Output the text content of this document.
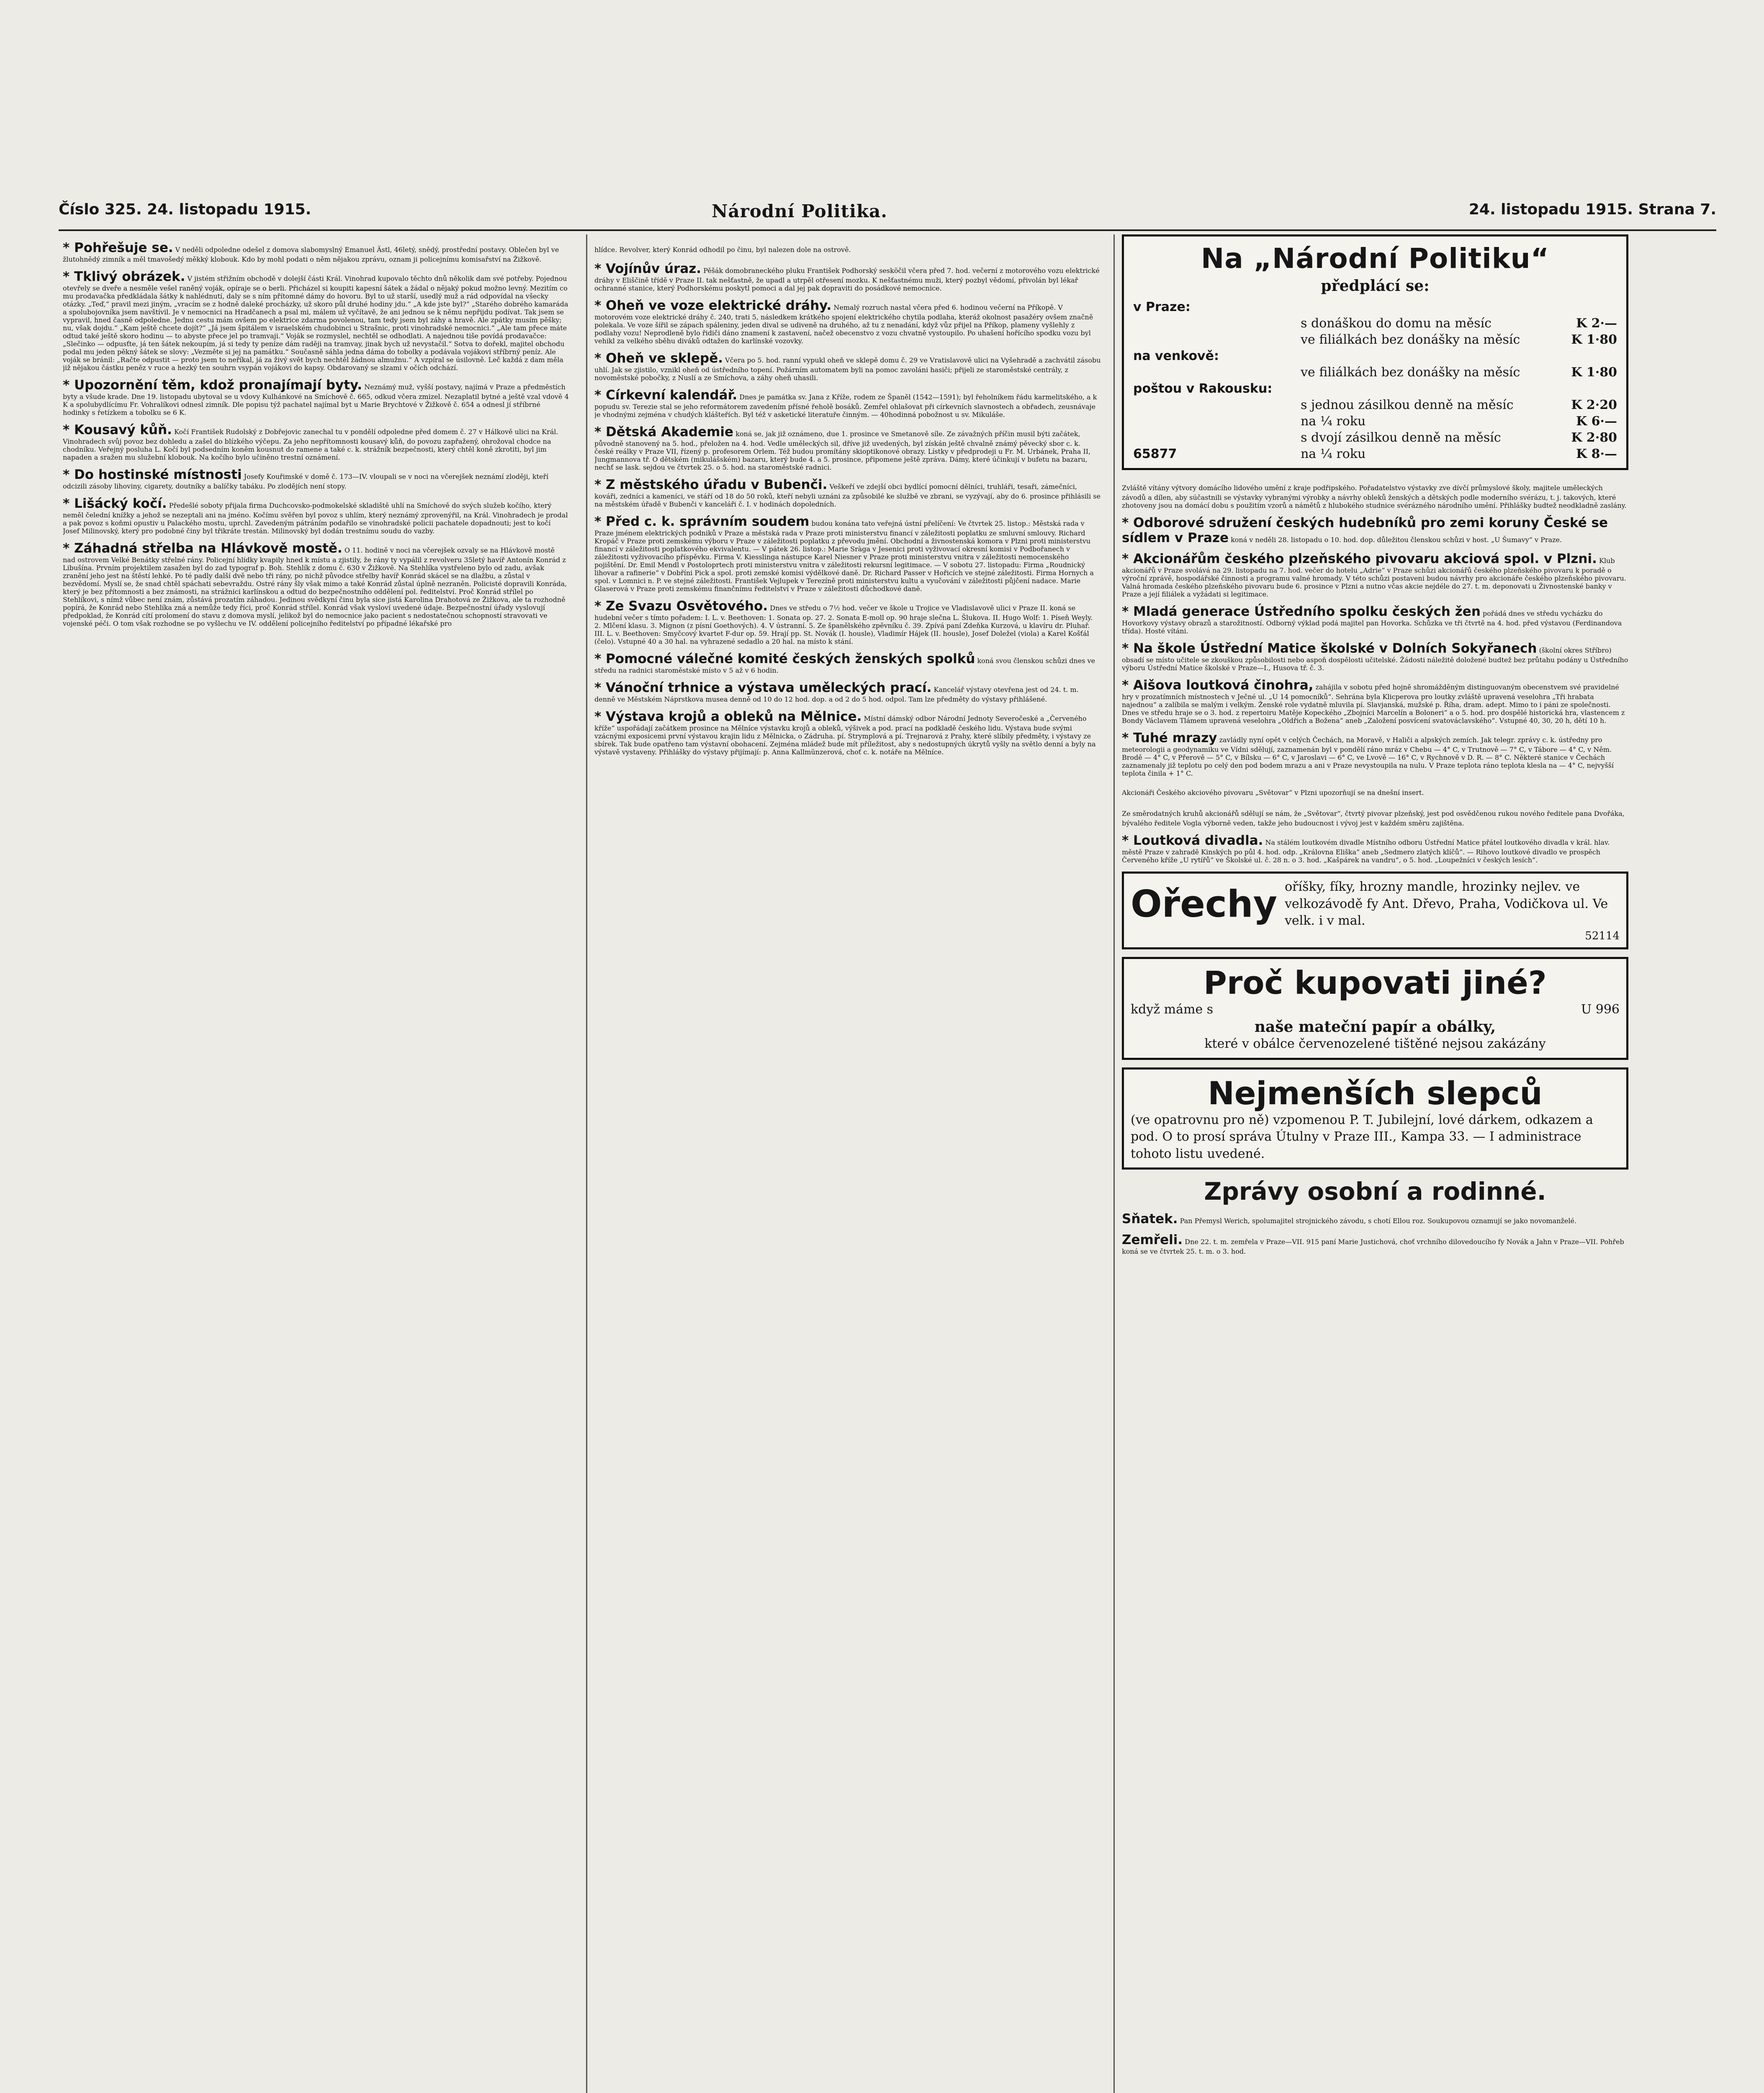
Číslo 325. 24. listopadu 1915.	Národní Politika.	24. listopadu 1915. Strana 7.

* Pohřešuje se. V neděli odpoledne odešel z domova slabomyslný Emanuel Ästl, 46letý, snědý, prostřední postavy. Oblečen byl ve žlutohnědý zimník a měl tmavošedý měkký klobouk. Kdo by mohl podati o něm nějakou zprávu, oznam ji policejnímu komisařství na Žižkově.

* Tklivý obrázek. V jistém střižním obchodě v dolejší části Král. Vinohrad kupovalo těchto dnů několik dam své potřeby. Pojednou otevřely se dveře a nesměle vešel raněný voják, opíraje se o berli. Přicházel si koupiti kapesní šátek a žádal o nějaký pokud možno levný. Mezitím co mu prodavačka předkládala šátky k nahlédnutí, daly se s ním přítomné dámy do hovoru. Byl to už starší, usedlý muž a rád odpovídal na všecky otázky. „Teď,“ pravil mezi jiným, „vracím se z hodně daleké procházky, už skoro půl druhé hodiny jdu.“ „A kde jste byl?“ „Starého dobrého kamaráda a spolubojovníka jsem navštívil. Je v nemocnici na Hradčanech a psal mi, málem už vyčítavě, že ani jednou se k němu nepřijdu podívat. Tak jsem se vypravil, hned časně odpoledne. Jednu cestu mám ovšem po elektrice zdarma povolenou, tam tedy jsem byl záhy a hravě. Ale zpátky musím pěšky; nu, však dojdu.“ „Kam ještě chcete dojít?“ „Já jsem špitálem v israelském chudobinci u Strašnic, proti vinohradské nemocnici.“ „Ale tam přece máte odtud také ještě skoro hodinu — to abyste přece jel po tramvaji.“ Voják se rozmyslel, nechtěl se odhodlati. A najednou tiše povídá prodavačce: „Slečinko — odpusťte, já ten šátek nekoupím, já si tedy ty peníze dám raději na tramvay, jinak bych už nevystačil.“ Sotva to dořekl, majitel obchodu podal mu jeden pěkný šátek se slovy: „Vezměte si jej na památku.“ Současně sáhla jedna dáma do tobolky a podávala vojákovi stříbrný peníz. Ale voják se bránil: „Račte odpustit — proto jsem to neříkal, já za živý svět bych nechtěl žádnou almužnu.“ A vzpíral se úsilovně. Leč každá z dam měla již nějakou částku peněz v ruce a hezký ten souhrn vsypán vojákovi do kapsy. Obdarovaný se slzami v očích odchází.

* Upozornění těm, kdož pronajímají byty. Neznámý muž, vyšší postavy, najímá v Praze a předměstích byty a všude krade. Dne 19. listopadu ubytoval se u vdovy Kulhánkové na Smíchově č. 665, odkud včera zmizel. Nezaplatil bytné a ještě vzal vdově 4 K a spolubydlícímu Fr. Vohralíkovi odnesl zimník. Dle popisu týž pachatel najímal byt u Marie Brychtové v Žižkově č. 654 a odnesl jí stříbrné hodinky s řetízkem a tobolku se 6 K.

* Kousavý kůň. Kočí František Rudolský z Dobřejovic zanechal tu v pondělí odpoledne před domem č. 27 v Hálkově ulici na Král. Vinohradech svůj povoz bez dohledu a zašel do blízkého výčepu. Za jeho nepřítomnosti kousavý kůň, do povozu zapřažený, ohrožoval chodce na chodníku. Veřejný posluha L. Kočí byl podsedním koněm kousnut do ramene a také c. k. strážník bezpečnosti, který chtěl koně zkrotiti, byl jim napaden a sražen mu služební klobouk. Na kočího bylo učiněno trestní oznámení.

* Do hostinské místnosti Josefy Kouřimské v domě č. 173—IV. vloupali se v noci na včerejšek neznámí zloději, kteří odcizili zásoby lihoviny, cigarety, doutníky a balíčky tabáku. Po zlodějích není stopy.

* Lišácký kočí. Předešlé soboty přijala firma Duchcovsko-podmokelské skladiště uhlí na Smíchově do svých služeb kočího, který neměl čelední knížky a jehož se nezeptali ani na jméno. Kočímu svěřen byl povoz s uhlím, který neznámý zprovenýřil, na Král. Vinohradech je prodal a pak povoz s koňmi opustiv u Palackého mostu, uprchl. Zavedeným pátráním podařilo se vinohradské policii pachatele dopadnouti; jest to kočí Josef Milinovský, který pro podobné činy byl třikráte trestán. Milinovský byl dodán trestnímu soudu do vazby.

* Záhadná střelba na Hlávkově mostě. O 11. hodině v noci na včerejšek ozvaly se na Hlávkově mostě nad ostrovem Velké Benátky střelné rány. Policejní hlídky kvapily hned k místu a zjistily, že rány ty vypálil z revolveru 35letý havíř Antonín Konrád z Libušína. Prvním projektilem zasažen byl do zad typograf p. Boh. Stehlík z domu č. 630 v Žižkově. Na Stehlíka vystřeleno bylo od zadu, avšak zranění jeho jest na štěstí lehké. Po té padly další dvě nebo tři rány, po nichž původce střelby havíř Konrád skácel se na dlažbu, a zůstal v bezvědomí. Myslí se, že snad chtěl spáchati sebevraždu. Ostré rány šly však mimo a také Konrád zůstal úplně nezraněn. Policisté dopravili Konráda, který je bez přítomnosti a bez známosti, na strážnici karlínskou a odtud do bezpečnostního oddělení pol. ředitelství. Proč Konrád střílel po Stehlíkovi, s nímž vůbec není znám, zůstává prozatím záhadou. Jedinou svědkyní činu byla sice jistá Karolina Drahotová ze Žižkova, ale ta rozhodně popírá, že Konrád nebo Stehlíka zná a nemůže tedy říci, proč Konrád střílel. Konrád však vysloví uvedené údaje. Bezpečnostní úřady vyslovují předpoklad, že Konrád cítí prolomení do stavu z domova myslí, jelikož byl do nemocnice jako pacient s nedostatečnou schopností stravovati ve vojenské péči. O tom však rozhodne se po vyšlechu ve IV. oddělení policejního ředitelství po případné lékařské pro

hlídce. Revolver, který Konrád odhodil po činu, byl nalezen dole na ostrově.

* Vojínův úraz. Pěšák domobraneckého pluku František Podhorský sesköčil včera před 7. hod. večerní z motorového vozu elektrické dráhy v Eliščině třídě v Praze II. tak nešťastně, že upadl a utrpěl otřesení mozku. K nešťastnému muži, který pozbyl vědomí, přivolán byl lékař ochranné stanice, který Podhorskému poskytl pomoci a dal jej pak dopraviti do posádkové nemocnice.

* Oheň ve voze elektrické dráhy. Nemalý rozruch nastal včera před 6. hodinou večerní na Příkopě. V motorovém voze elektrické dráhy č. 240, trati 5, následkem krátkého spojení elektrického chytila podlaha, kteráž okolnost pasažéry ovšem značně polekala. Ve voze šířil se zápach spáleniny, jeden dival se udiveně na druhého, až tu z nenadání, když vůz přijel na Příkop, plameny vyšlehly z podlahy vozu! Neprodleně bylo řidiči dáno znamení k zastavení, načež obecenstvo z vozu chvatně vystoupilo. Po uhašení hořícího spodku vozu byl vehikl za velkého sběhu diváků odtažen do karlínské vozovky.

* Oheň ve sklepě. Včera po 5. hod. ranní vypukl oheň ve sklepě domu č. 29 ve Vratislavově ulici na Vyšehradě a zachvátil zásobu uhlí. Jak se zjistilo, vznikl oheň od ústředního topení. Požárním automatem byli na pomoc zavoláni hasiči; přijeli ze staroměstské centrály, z novoměstské pobočky, z Nuslí a ze Smíchova, a záhy oheň uhasili.

* Církevní kalendář. Dnes je památka sv. Jana z Kříže, rodem ze Španěl (1542—1591); byl řeholníkem řádu karmelitského, a k popudu sv. Terezie stal se jeho reformátorem zavedením přísné řeholě bosáků. Zemřel ohlašovat při církevních slavnostech a obřadech, zeusnávaje je vhodnými zejména v chudých klášteřích. Byl též v asketické literatuře činným. — 40hodinná pobožnost u sv. Mikuláše.

* Dětská Akademie koná se, jak již oznámeno, due 1. prosince ve Smetanově síle. Ze závažných příčin musil býti začátek, původně stanovený na 5. hod., přeložen na 4. hod. Vedle uměleckých sil, dříve již uvedených, byl získán ještě chvalně známý pěvecký sbor c. k. české reálky v Praze VII, řízený p. profesorem Orlem. Též budou promítány skioptikonové obrazy. Lístky v předprodeji u Fr. M. Urbánek, Praha II, Jungmannova tř. O dětském (mikulášském) bazaru, který bude 4. a 5. prosince, připomene ještě zpráva. Dámy, které účinkují v bufetu na bazaru, nechť se lask. sejdou ve čtvrtek 25. o 5. hod. na staroměstské radnici.

* Z městského úřadu v Bubenči. Veškeří ve zdejší obci bydlící pomocní dělníci, truhláři, tesaři, zámečníci, kováři, zedníci a kameníci, ve stáří od 18 do 50 roků, kteří nebyli uznáni za způsobilé ke službě ve zbrani, se vyzývají, aby do 6. prosince přihlásili se na městském úřadě v Bubenči v kanceláři č. I. v hodinách dopoledních.

* Před c. k. správním soudem budou konána tato veřejná ústní přelíčení: Ve čtvrtek 25. listop.: Městská rada v Praze jménem elektrických podniků v Praze a městská rada v Praze proti ministerstvu financí v záležitosti poplatku ze smluvní smlouvy. Richard Kropáč v Praze proti zemskému výboru v Praze v záležitosti poplatku z převodu jmění. Obchodní a živnostenská komora v Plzni proti ministerstvu financí v záležitosti poplatkového ekvivalentu. — V pátek 26. listop.: Marie Sràga v Jesenici proti vyživovací okresní komisi v Podbořanech v záležitosti vyživovacího příspěvku. Firma V. Kiesslinga nástupce Karel Niesner v Praze proti ministerstvu vnitra v záležitosti nemocenského pojištění. Dr. Emil Mendl v Postoloprtech proti ministerstvu vnitra v záležitosti rekursní legitimace. — V sobotu 27. listopadu: Firma „Roudnický lihovar a rafinerie“ v Dobříni Pick a spol. proti zemské komisi výdělkové daně. Dr. Richard Passer v Hořicích ve stejné záležitosti. Firma Hornych a spol. v Lomnici n. P. ve stejné záležitosti. František Vejlupek v Terezíně proti ministerstvu kultu a vyučování v záležitosti půjčení nadace. Marie Glaserová v Praze proti zemskému finančnímu ředitelství v Praze v záležitosti důchodkové daně.

* Ze Svazu Osvětového. Dnes ve středu o 7½ hod. večer ve škole u Trojice ve Vladislavově ulici v Praze II. koná se hudební večer s tímto pořadem: I. L. v. Beethoven: 1. Sonata op. 27. 2. Sonata E-moll op. 90 hraje slečna L. Šlukova. II. Hugo Wolf: 1. Píseň Weyly. 2. Mlčení klasu. 3. Mignon (z písní Goethových). 4. V ústranní. 5. Ze španělského zpěvníku č. 39. Zpívá paní Zdeňka Kurzová, u klavíru dr. Pluhař. III. L. v. Beethoven: Smyčcový kvartet F-dur op. 59. Hrají pp. St. Novák (I. housle), Vladimír Hájek (II. housle), Josef Doležel (viola) a Karel Košťál (čelo). Vstupné 40 a 30 hal. na vyhrazené sedadlo a 20 hal. na místo k stání.

* Pomocné válečné komité českých ženských spolků koná svou členskou schůzi dnes ve středu na radnici staroměstské místo v 5 až v 6 hodin.

* Vánoční trhnice a výstava uměleckých prací. Kancelář výstavy otevřena jest od 24. t. m. denně ve Městském Náprstkova musea denně od 10 do 12 hod. dop. a od 2 do 5 hod. odpol. Tam lze předměty do výstavy přihlášené.

* Výstava krojů a obleků na Mělnice. Místní dámský odbor Národní Jednoty Severočeské a „Červeného kříže“ uspořádají začátkem prosince na Mělníce výstavku krojů a obleků, výšivek a pod. prací na podkladě českého lidu. Výstava bude svými vzácnými exposicemi první výstavou krajin lidu z Mělnicka, o Zádruha. pí. Strymplová a pí. Trejnarová z Prahy, které slíbily předměty, i výstavy ze sbírek. Tak bude opatřeno tam výstavní obohacení. Zejména mládež bude mít příležitost, aby s nedostupných úkrytů vyšly na světlo denní a byly na výstavě vystaveny. Přihlášky do výstavy přijímají: p. Anna Kallmünzerová, choť c. k. notáře na Mělníce.

Na „Národní Politiku“
předplácí se:
v Praze:		
	s donáškou do domu na měsíc	K 2·—
	ve filiálkách bez donášky na měsíc	K 1·80
na venkově:		
	ve filiálkách bez donášky na měsíc	K 1·80
poštou v Rakousku:		
	s jednou zásilkou denně na měsíc	K 2·20
	na ¼ roku	K 6·—
	s dvojí zásilkou denně na měsíc	K 2·80
65877	na ¼ roku	K 8·—

Zvláště vítány výtvory domácího lidového umění z kraje podřipského. Pořadatelstvo výstavky zve dívčí průmyslové školy, majitele uměleckých závodů a dílen, aby súčastnili se výstavky vybranými výrobky a návrhy obleků ženských a dětských podle moderního svérázu, t. j. takových, které zhotoveny jsou na domácí dobu s použitím vzorů a námětů z hlubokého studnice svérázného národního umění. Přihlášky budtež neodkladně zaslány.

* Odborové sdružení českých hudebníků pro zemi koruny České se sídlem v Praze koná v neděli 28. listopadu o 10. hod. dop. důležitou členskou schůzi v host. „U Šumavy“ v Praze.

* Akcionářům českého plzeňského pivovaru akciová spol. v Plzni. Klub akcionářů v Praze svolává na 29. listopadu na 7. hod. večer do hotelu „Adrie“ v Praze schůzi akcionářů českého plzeňského pivovaru k poradě o výroční zprávě, hospodářské činnosti a programu valné hromady. V této schůzi postaveni budou návrhy pro akcionáře českého plzeňského pivovaru. Valná hromada českého plzeňského pivovaru bude 6. prosince v Plzni a nutno včas akcie nejdéle do 27. t. m. deponovati u Živnostenské banky v Praze a její filiálek a vyžádati si legitimace.

* Mladá generace Ústředního spolku českých žen pořádá dnes ve středu vycházku do Hovorkovy výstavy obrazů a starožitností. Odborný výklad podá majitel pan Hovorka. Schůzka ve tři čtvrtě na 4. hod. před výstavou (Ferdinandova třída). Hosté vítáni.

* Na škole Ústřední Matice školské v Dolních Sokyřanech (školní okres Stříbro) obsadí se místo učitele se zkouškou způsobilosti nebo aspoň dospělosti učitelské. Žádosti náležitě doložené budtež bez průtahu podány u Ústředního výboru Ústřední Matice školské v Praze—I., Husova tř. č. 3.

* Aišova loutková činohra, zahájila v sobotu před hojně shromážděným distinguovaným obecenstvem své pravidelné hry v prozatímních místnostech v Ječné ul. „U 14 pomocníků“. Sehrána byla Klicperova pro loutky zvláště upravená veselohra „Tři hrabata najednou“ a zalíbila se malým i velkým. Ženské role vydatně mluvila pí. Slavjanská, mužské p. Říha, dram. adept. Mimo to i páni ze společnosti. Dnes ve středu hraje se o 3. hod. z repertoiru Matěje Kopeckého „Zbojníci Marcelín a Boloneri“ a o 5. hod. pro dospělé historická hra, vlastencem z Bondy Václavem Tlámem upravená veselohra „Oldřich a Božena“ aneb „Založení posvícení svatováclavského“. Vstupné 40, 30, 20 h, dětí 10 h.

* Tuhé mrazy zavládly nyní opět v celých Čechách, na Moravě, v Haliči a alpských zemích. Jak telegr. zprávy c. k. ústředny pro meteorologii a geodynamiku ve Vídni sdělují, zaznamenán byl v pondělí ráno mráz v Chebu — 4° C, v Trutnově — 7° C, v Tábore — 4° C, v Něm. Brodě — 4° C, v Přerově — 5° C, v Bílsku — 6° C, v Jaroslavi — 6° C, ve Lvově — 16° C, v Rychnově v D. R. — 8° C. Některé stanice v Čechách zaznamenaly již teplotu po celý den pod bodem mrazu a ani v Praze nevystoupila na nulu. V Praze teplota ráno teplota klesla na — 4° C, nejvyšší teplota činila + 1° C.

Akcionáři Českého akciového pivovaru „Světovar“ v Plzni upozorňují se na dnešní insert.

Ze směrodatných kruhů akcionářů sdělují se nám, že „Světovar“, čtvrtý pivovar plzeňský, jest pod osvědčenou rukou nového ředitele pana Dvořáka, bývalého ředitele Vogla výborně veden, takže jeho budoucnost i vývoj jest v každém směru zajištěna.

* Loutková divadla. Na stálém loutkovém divadle Místního odboru Ústřední Matice přátel loutkového divadla v král. hlav. městě Praze v zahradě Kinských po půl 4. hod. odp. „Královna Eliška“ aneb „Sedmero zlatých klíčů“. — Rihovo loutkové divadlo ve prospěch Červeného kříže „U rytířů“ ve Školské ul. č. 28 n. o 3. hod. „Kašpárek na vandru“, o 5. hod. „Loupežníci v českých lesích“.

Ořechy oříšky, fíky, hrozny mandle, hrozinky nejlev. ve velkozávodě fy Ant. Dřevo, Praha, Vodičkova ul. Ve velk. i v mal.
52114
Proč kupovati jiné?
když máme s	U 996
naše mateční papír a obálky,
které v obálce červenozelené tištěné nejsou zakázány
Nejmenších slepců
(ve opatrovnu pro ně) vzpomenou P. T. Jubilejní, lové dárkem, odkazem a pod. O to prosí správa Útulny v Praze III., Kampa 33. — I administrace tohoto listu uvedené.
Zprávy osobní a rodinné.

Sňatek. Pan Přemysl Werich, spolumajitel strojnického závodu, s chotí Ellou roz. Soukupovou oznamují se jako novomanželé.

Zemřeli. Dne 22. t. m. zemřela v Praze—VII. 915 paní Marie Justichová, choť vrchního dilovedoucího fy Novák a Jahn v Praze—VII. Pohřeb koná se ve čtvrtek 25. t. m. o 3. hod.
